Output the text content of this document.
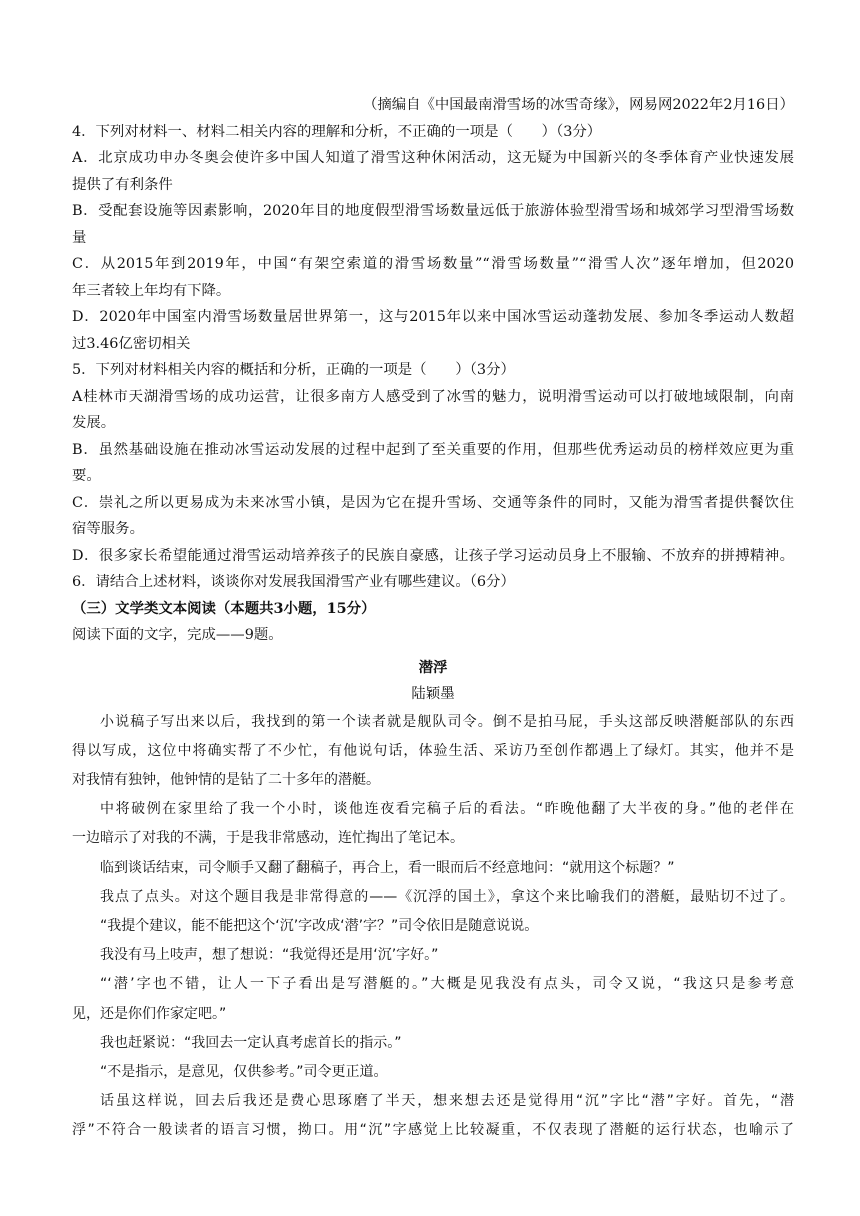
（摘编自《中国最南滑雪场的冰雪奇缘》，网易网2022年2月16日）
4．下列对材料一、材料二相关内容的理解和分析，不正确的一项是（　　）（3分）
A．北京成功申办冬奥会使许多中国人知道了滑雪这种休闲活动，这无疑为中国新兴的冬季体育产业快速发展
提供了有利条件
B．受配套设施等因素影响，2020年目的地度假型滑雪场数量远低于旅游体验型滑雪场和城郊学习型滑雪场数
量
C．从2015年到2019年，中国“有架空索道的滑雪场数量”“滑雪场数量”“滑雪人次”逐年增加，但2020
年三者较上年均有下降。
D．2020年中国室内滑雪场数量居世界第一，这与2015年以来中国冰雪运动蓬勃发展、参加冬季运动人数超
过3.46亿密切相关
5．下列对材料相关内容的概括和分析，正确的一项是（　　）（3分）
A桂林市天湖滑雪场的成功运营，让很多南方人感受到了冰雪的魅力，说明滑雪运动可以打破地域限制，向南
发展。
B．虽然基础设施在推动冰雪运动发展的过程中起到了至关重要的作用，但那些优秀运动员的榜样效应更为重
要。
C．崇礼之所以更易成为未来冰雪小镇，是因为它在提升雪场、交通等条件的同时，又能为滑雪者提供餐饮住
宿等服务。
D．很多家长希望能通过滑雪运动培养孩子的民族自豪感，让孩子学习运动员身上不服输、不放弃的拼搏精神。
6．请结合上述材料，谈谈你对发展我国滑雪产业有哪些建议。（6分）
（三）文学类文本阅读（本题共3小题，15分）
阅读下面的文字，完成——9题。
潜浮
陆颖墨
小说稿子写出来以后，我找到的第一个读者就是舰队司令。倒不是拍马屁，手头这部反映潜艇部队的东西
得以写成，这位中将确实帮了不少忙，有他说句话，体验生活、采访乃至创作都遇上了绿灯。其实，他并不是
对我情有独钟，他钟情的是钻了二十多年的潜艇。
中将破例在家里给了我一个小时，谈他连夜看完稿子后的看法。“昨晚他翻了大半夜的身。”他的老伴在
一边暗示了对我的不满，于是我非常感动，连忙掏出了笔记本。
临到谈话结束，司令顺手又翻了翻稿子，再合上，看一眼而后不经意地问：“就用这个标题？”
我点了点头。对这个题目我是非常得意的——《沉浮的国土》，拿这个来比喻我们的潜艇，最贴切不过了。
“我提个建议，能不能把这个‘沉’字改成‘潜’字？”司令依旧是随意说说。
我没有马上吱声，想了想说：“我觉得还是用‘沉’字好。”
“‘潜’字也不错，让人一下子看出是写潜艇的。”大概是见我没有点头，司令又说，“我这只是参考意
见，还是你们作家定吧。”
我也赶紧说：“我回去一定认真考虑首长的指示。”
“不是指示，是意见，仅供参考。”司令更正道。
话虽这样说，回去后我还是费心思琢磨了半天，想来想去还是觉得用“沉”字比“潜”字好。首先，“潜
浮”不符合一般读者的语言习惯，拗口。用“沉”字感觉上比较凝重，不仅表现了潜艇的运行状态，也喻示了
